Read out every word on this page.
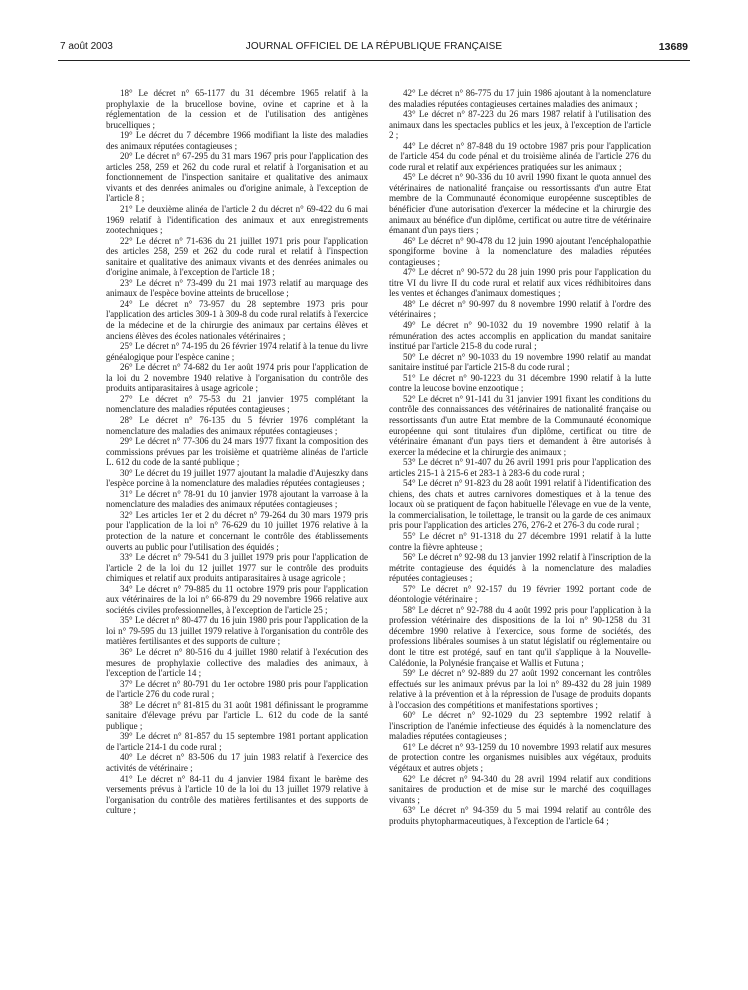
7 août 2003	JOURNAL OFFICIEL DE LA RÉPUBLIQUE FRANÇAISE	13689

18° Le décret n° 65-1177 du 31 décembre 1965 relatif à la prophylaxie de la brucellose bovine, ovine et caprine et à la réglementation de la cession et de l'utilisation des antigènes brucelliques ;

19° Le décret du 7 décembre 1966 modifiant la liste des maladies des animaux réputées contagieuses ;

20° Le décret n° 67-295 du 31 mars 1967 pris pour l'application des articles 258, 259 et 262 du code rural et relatif à l'organisation et au fonctionnement de l'inspection sanitaire et qualitative des animaux vivants et des denrées animales ou d'origine animale, à l'exception de l'article 8 ;

21° Le deuxième alinéa de l'article 2 du décret n° 69-422 du 6 mai 1969 relatif à l'identification des animaux et aux enregistrements zootechniques ;

22° Le décret n° 71-636 du 21 juillet 1971 pris pour l'application des articles 258, 259 et 262 du code rural et relatif à l'inspection sanitaire et qualitative des animaux vivants et des denrées animales ou d'origine animale, à l'exception de l'article 18 ;

23° Le décret n° 73-499 du 21 mai 1973 relatif au marquage des animaux de l'espèce bovine atteints de brucellose ;

24° Le décret n° 73-957 du 28 septembre 1973 pris pour l'application des articles 309-1 à 309-8 du code rural relatifs à l'exercice de la médecine et de la chirurgie des animaux par certains élèves et anciens élèves des écoles nationales vétérinaires ;

25° Le décret n° 74-195 du 26 février 1974 relatif à la tenue du livre généalogique pour l'espèce canine ;

26° Le décret n° 74-682 du 1er août 1974 pris pour l'application de la loi du 2 novembre 1940 relative à l'organisation du contrôle des produits antiparasitaires à usage agricole ;

27° Le décret n° 75-53 du 21 janvier 1975 complétant la nomenclature des maladies réputées contagieuses ;

28° Le décret n° 76-135 du 5 février 1976 complétant la nomenclature des maladies des animaux réputées contagieuses ;

29° Le décret n° 77-306 du 24 mars 1977 fixant la composition des commissions prévues par les troisième et quatrième alinéas de l'article L. 612 du code de la santé publique ;

30° Le décret du 19 juillet 1977 ajoutant la maladie d'Aujeszky dans l'espèce porcine à la nomenclature des maladies réputées contagieuses ;

31° Le décret n° 78-91 du 10 janvier 1978 ajoutant la varroase à la nomenclature des maladies des animaux réputées contagieuses ;

32° Les articles 1er et 2 du décret n° 79-264 du 30 mars 1979 pris pour l'application de la loi n° 76-629 du 10 juillet 1976 relative à la protection de la nature et concernant le contrôle des établissements ouverts au public pour l'utilisation des équidés ;

33° Le décret n° 79-541 du 3 juillet 1979 pris pour l'application de l'article 2 de la loi du 12 juillet 1977 sur le contrôle des produits chimiques et relatif aux produits antiparasitaires à usage agricole ;

34° Le décret n° 79-885 du 11 octobre 1979 pris pour l'application aux vétérinaires de la loi n° 66-879 du 29 novembre 1966 relative aux sociétés civiles professionnelles, à l'exception de l'article 25 ;

35° Le décret n° 80-477 du 16 juin 1980 pris pour l'application de la loi n° 79-595 du 13 juillet 1979 relative à l'organisation du contrôle des matières fertilisantes et des supports de culture ;

36° Le décret n° 80-516 du 4 juillet 1980 relatif à l'exécution des mesures de prophylaxie collective des maladies des animaux, à l'exception de l'article 14 ;

37° Le décret n° 80-791 du 1er octobre 1980 pris pour l'application de l'article 276 du code rural ;

38° Le décret n° 81-815 du 31 août 1981 définissant le programme sanitaire d'élevage prévu par l'article L. 612 du code de la santé publique ;

39° Le décret n° 81-857 du 15 septembre 1981 portant application de l'article 214-1 du code rural ;

40° Le décret n° 83-506 du 17 juin 1983 relatif à l'exercice des activités de vétérinaire ;

41° Le décret n° 84-11 du 4 janvier 1984 fixant le barème des versements prévus à l'article 10 de la loi du 13 juillet 1979 relative à l'organisation du contrôle des matières fertilisantes et des supports de culture ;

42° Le décret n° 86-775 du 17 juin 1986 ajoutant à la nomenclature des maladies réputées contagieuses certaines maladies des animaux ;

43° Le décret n° 87-223 du 26 mars 1987 relatif à l'utilisation des animaux dans les spectacles publics et les jeux, à l'exception de l'article 2 ;

44° Le décret n° 87-848 du 19 octobre 1987 pris pour l'application de l'article 454 du code pénal et du troisième alinéa de l'article 276 du code rural et relatif aux expériences pratiquées sur les animaux ;

45° Le décret n° 90-336 du 10 avril 1990 fixant le quota annuel des vétérinaires de nationalité française ou ressortissants d'un autre Etat membre de la Communauté économique européenne susceptibles de bénéficier d'une autorisation d'exercer la médecine et la chirurgie des animaux au bénéfice d'un diplôme, certificat ou autre titre de vétérinaire émanant d'un pays tiers ;

46° Le décret n° 90-478 du 12 juin 1990 ajoutant l'encéphalopathie spongiforme bovine à la nomenclature des maladies réputées contagieuses ;

47° Le décret n° 90-572 du 28 juin 1990 pris pour l'application du titre VI du livre II du code rural et relatif aux vices rédhibitoires dans les ventes et échanges d'animaux domestiques ;

48° Le décret n° 90-997 du 8 novembre 1990 relatif à l'ordre des vétérinaires ;

49° Le décret n° 90-1032 du 19 novembre 1990 relatif à la rémunération des actes accomplis en application du mandat sanitaire institué par l'article 215-8 du code rural ;

50° Le décret n° 90-1033 du 19 novembre 1990 relatif au mandat sanitaire institué par l'article 215-8 du code rural ;

51° Le décret n° 90-1223 du 31 décembre 1990 relatif à la lutte contre la leucose bovine enzootique ;

52° Le décret n° 91-141 du 31 janvier 1991 fixant les conditions du contrôle des connaissances des vétérinaires de nationalité française ou ressortissants d'un autre Etat membre de la Communauté économique européenne qui sont titulaires d'un diplôme, certificat ou titre de vétérinaire émanant d'un pays tiers et demandent à être autorisés à exercer la médecine et la chirurgie des animaux ;

53° Le décret n° 91-407 du 26 avril 1991 pris pour l'application des articles 215-1 à 215-6 et 283-1 à 283-6 du code rural ;

54° Le décret n° 91-823 du 28 août 1991 relatif à l'identification des chiens, des chats et autres carnivores domestiques et à la tenue des locaux où se pratiquent de façon habituelle l'élevage en vue de la vente, la commercialisation, le toilettage, le transit ou la garde de ces animaux pris pour l'application des articles 276, 276-2 et 276-3 du code rural ;

55° Le décret n° 91-1318 du 27 décembre 1991 relatif à la lutte contre la fièvre aphteuse ;

56° Le décret n° 92-98 du 13 janvier 1992 relatif à l'inscription de la métrite contagieuse des équidés à la nomenclature des maladies réputées contagieuses ;

57° Le décret n° 92-157 du 19 février 1992 portant code de déontologie vétérinaire ;

58° Le décret n° 92-788 du 4 août 1992 pris pour l'application à la profession vétérinaire des dispositions de la loi n° 90-1258 du 31 décembre 1990 relative à l'exercice, sous forme de sociétés, des professions libérales soumises à un statut législatif ou réglementaire ou dont le titre est protégé, sauf en tant qu'il s'applique à la Nouvelle-Calédonie, la Polynésie française et Wallis et Futuna ;

59° Le décret n° 92-889 du 27 août 1992 concernant les contrôles effectués sur les animaux prévus par la loi n° 89-432 du 28 juin 1989 relative à la prévention et à la répression de l'usage de produits dopants à l'occasion des compétitions et manifestations sportives ;

60° Le décret n° 92-1029 du 23 septembre 1992 relatif à l'inscription de l'anémie infectieuse des équidés à la nomenclature des maladies réputées contagieuses ;

61° Le décret n° 93-1259 du 10 novembre 1993 relatif aux mesures de protection contre les organismes nuisibles aux végétaux, produits végétaux et autres objets ;

62° Le décret n° 94-340 du 28 avril 1994 relatif aux conditions sanitaires de production et de mise sur le marché des coquillages vivants ;

63° Le décret n° 94-359 du 5 mai 1994 relatif au contrôle des produits phytopharmaceutiques, à l'exception de l'article 64 ;
